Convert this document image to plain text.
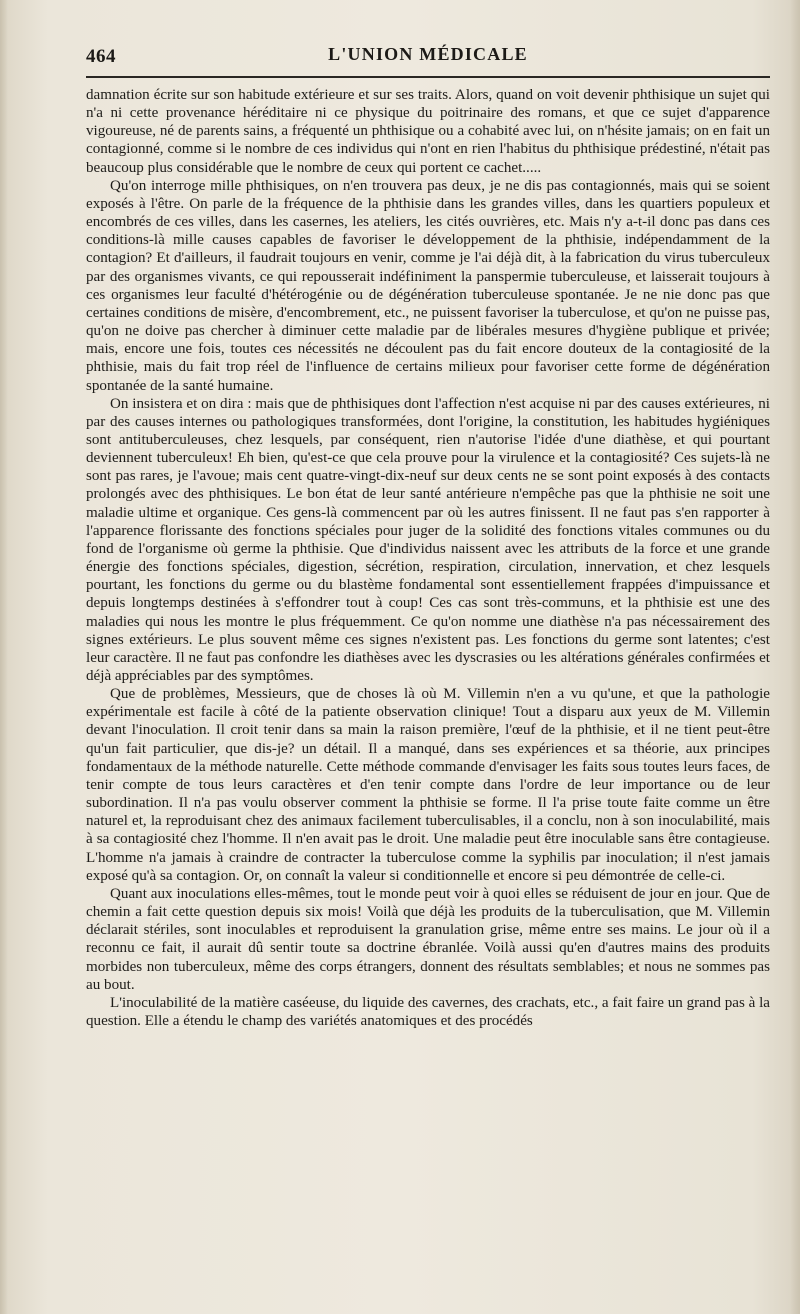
464	L'UNION MÉDICALE

damnation écrite sur son habitude extérieure et sur ses traits. Alors, quand on voit devenir phthisique un sujet qui n'a ni cette provenance héréditaire ni ce physique du poitrinaire des romans, et que ce sujet d'apparence vigoureuse, né de parents sains, a fréquenté un phthisique ou a cohabité avec lui, on n'hésite jamais; on en fait un contagionné, comme si le nombre de ces individus qui n'ont en rien l'habitus du phthisique prédestiné, n'était pas beaucoup plus considérable que le nombre de ceux qui portent ce cachet.....

Qu'on interroge mille phthisiques, on n'en trouvera pas deux, je ne dis pas contagionnés, mais qui se soient exposés à l'être. On parle de la fréquence de la phthisie dans les grandes villes, dans les quartiers populeux et encombrés de ces villes, dans les casernes, les ateliers, les cités ouvrières, etc. Mais n'y a-t-il donc pas dans ces conditions-là mille causes capables de favoriser le développement de la phthisie, indépendamment de la contagion? Et d'ailleurs, il faudrait toujours en venir, comme je l'ai déjà dit, à la fabrication du virus tuberculeux par des organismes vivants, ce qui repousserait indéfiniment la panspermie tuberculeuse, et laisserait toujours à ces organismes leur faculté d'hétérogénie ou de dégénération tuberculeuse spontanée. Je ne nie donc pas que certaines conditions de misère, d'encombrement, etc., ne puissent favoriser la tuberculose, et qu'on ne puisse pas, qu'on ne doive pas chercher à diminuer cette maladie par de libérales mesures d'hygiène publique et privée; mais, encore une fois, toutes ces nécessités ne découlent pas du fait encore douteux de la contagiosité de la phthisie, mais du fait trop réel de l'influence de certains milieux pour favoriser cette forme de dégénération spontanée de la santé humaine.

On insistera et on dira : mais que de phthisiques dont l'affection n'est acquise ni par des causes extérieures, ni par des causes internes ou pathologiques transformées, dont l'origine, la constitution, les habitudes hygiéniques sont antituberculeuses, chez lesquels, par conséquent, rien n'autorise l'idée d'une diathèse, et qui pourtant deviennent tuberculeux! Eh bien, qu'est-ce que cela prouve pour la virulence et la contagiosité? Ces sujets-là ne sont pas rares, je l'avoue; mais cent quatre-vingt-dix-neuf sur deux cents ne se sont point exposés à des contacts prolongés avec des phthisiques. Le bon état de leur santé antérieure n'empêche pas que la phthisie ne soit une maladie ultime et organique. Ces gens-là commencent par où les autres finissent. Il ne faut pas s'en rapporter à l'apparence florissante des fonctions spéciales pour juger de la solidité des fonctions vitales communes ou du fond de l'organisme où germe la phthisie. Que d'individus naissent avec les attributs de la force et une grande énergie des fonctions spéciales, digestion, sécrétion, respiration, circulation, innervation, et chez lesquels pourtant, les fonctions du germe ou du blastème fondamental sont essentiellement frappées d'impuissance et depuis longtemps destinées à s'effondrer tout à coup! Ces cas sont très-communs, et la phthisie est une des maladies qui nous les montre le plus fréquemment. Ce qu'on nomme une diathèse n'a pas nécessairement des signes extérieurs. Le plus souvent même ces signes n'existent pas. Les fonctions du germe sont latentes; c'est leur caractère. Il ne faut pas confondre les diathèses avec les dyscrasies ou les altérations générales confirmées et déjà appréciables par des symptômes.

Que de problèmes, Messieurs, que de choses là où M. Villemin n'en a vu qu'une, et que la pathologie expérimentale est facile à côté de la patiente observation clinique! Tout a disparu aux yeux de M. Villemin devant l'inoculation. Il croit tenir dans sa main la raison première, l'œuf de la phthisie, et il ne tient peut-être qu'un fait particulier, que dis-je? un détail. Il a manqué, dans ses expériences et sa théorie, aux principes fondamentaux de la méthode naturelle. Cette méthode commande d'envisager les faits sous toutes leurs faces, de tenir compte de tous leurs caractères et d'en tenir compte dans l'ordre de leur importance ou de leur subordination. Il n'a pas voulu observer comment la phthisie se forme. Il l'a prise toute faite comme un être naturel et, la reproduisant chez des animaux facilement tuberculisables, il a conclu, non à son inoculabilité, mais à sa contagiosité chez l'homme. Il n'en avait pas le droit. Une maladie peut être inoculable sans être contagieuse. L'homme n'a jamais à craindre de contracter la tuberculose comme la syphilis par inoculation; il n'est jamais exposé qu'à sa contagion. Or, on connaît la valeur si conditionnelle et encore si peu démontrée de celle-ci.

Quant aux inoculations elles-mêmes, tout le monde peut voir à quoi elles se réduisent de jour en jour. Que de chemin a fait cette question depuis six mois! Voilà que déjà les produits de la tuberculisation, que M. Villemin déclarait stériles, sont inoculables et reproduisent la granulation grise, même entre ses mains. Le jour où il a reconnu ce fait, il aurait dû sentir toute sa doctrine ébranlée. Voilà aussi qu'en d'autres mains des produits morbides non tuberculeux, même des corps étrangers, donnent des résultats semblables; et nous ne sommes pas au bout.

L'inoculabilité de la matière caséeuse, du liquide des cavernes, des crachats, etc., a fait faire un grand pas à la question. Elle a étendu le champ des variétés anatomiques et des procédés
